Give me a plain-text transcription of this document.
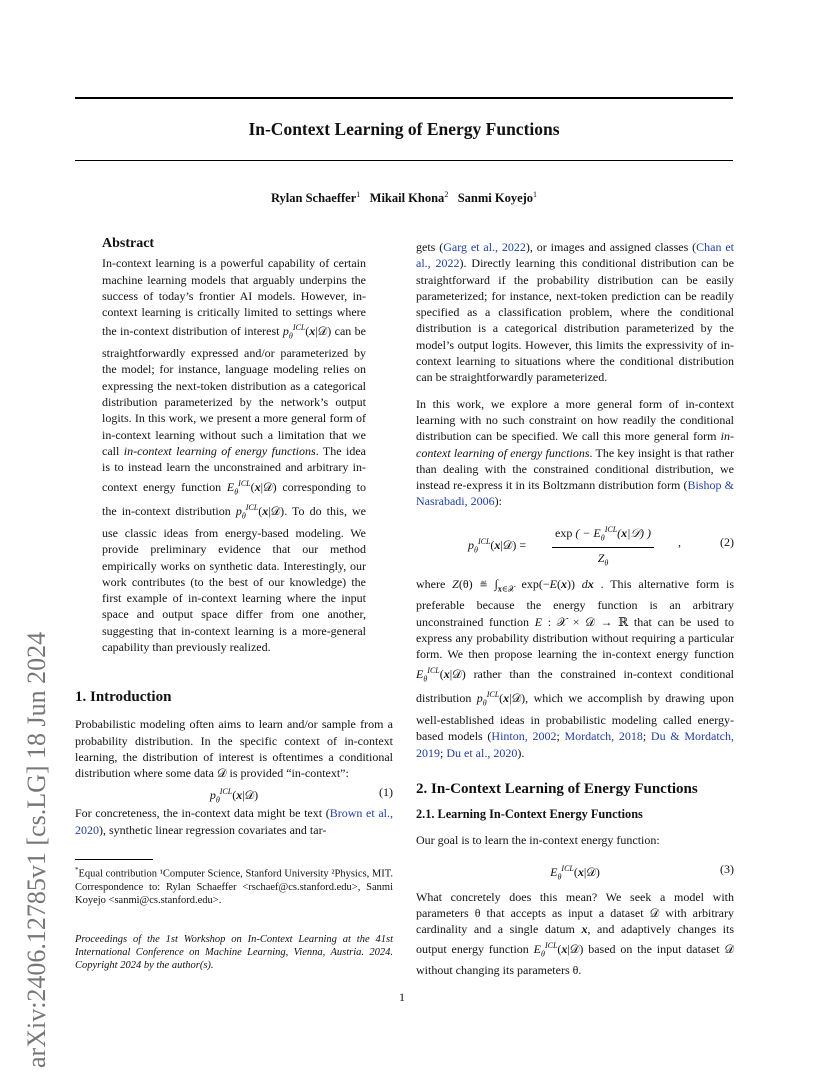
In-Context Learning of Energy Functions
Rylan Schaeffer$^1$ Mikail Khona$^2$ Sanmi Koyejo$^1$
arXiv:2406.12785v1 [cs.LG] 18 Jun 2024

Abstract

In-context learning is a powerful capability of certain machine learning models that arguably underpins the success of today’s frontier AI models. However, in-context learning is critically limited to settings where the in-context distribution of interest $p_\theta^{ICL}(x|𝒟)$ can be straightforwardly expressed and/or parameterized by the model; for instance, language modeling relies on expressing the next-token distribution as a categorical distribution parameterized by the network’s output logits. In this work, we present a more general form of in-context learning without such a limitation that we call in-context learning of energy functions. The idea is to instead learn the unconstrained and arbitrary in-context energy function $E_\theta^{ICL}(x|𝒟)$ corresponding to the in-context distribution $p_\theta^{ICL}(x|𝒟)$. To do this, we use classic ideas from energy-based modeling. We provide preliminary evidence that our method empirically works on synthetic data. Interestingly, our work contributes (to the best of our knowledge) the first example of in-context learning where the input space and output space differ from one another, suggesting that in-context learning is a more-general capability than previously realized.

1. Introduction

Probabilistic modeling often aims to learn and/or sample from a probability distribution. In the specific context of in-context learning, the distribution of interest is oftentimes a conditional distribution where some data 𝒟 is provided “in-context”:

$p_\theta^{ICL}(x|𝒟)$	(1)

For concreteness, the in-context data might be text (Brown et al., 2020), synthetic linear regression covariates and tar-

*Equal contribution ¹Computer Science, Stanford University ²Physics, MIT. Correspondence to: Rylan Schaeffer <rschaef@cs.stanford.edu>, Sanmi Koyejo <sanmi@cs.stanford.edu>.

Proceedings of the 1st Workshop on In-Context Learning at the 41st International Conference on Machine Learning, Vienna, Austria. 2024. Copyright 2024 by the author(s).

gets (Garg et al., 2022), or images and assigned classes (Chan et al., 2022). Directly learning this conditional distribution can be straightforward if the probability distribution can be easily parameterized; for instance, next-token prediction can be readily specified as a classification problem, where the conditional distribution is a categorical distribution parameterized by the model’s output logits. However, this limits the expressivity of in-context learning to situations where the conditional distribution can be straightforwardly parameterized.

In this work, we explore a more general form of in-context learning with no such constraint on how readily the conditional distribution can be specified. We call this more general form in-context learning of energy functions. The key insight is that rather than dealing with the constrained conditional distribution, we instead re-express it in its Boltzmann distribution form (Bishop & Nasrabadi, 2006):

$p_\theta^{ICL}(x|𝒟)$ =
exp ( − $E_\theta^{ICL}(x|𝒟)$ )
$Z_\theta$
,	(2)

where Z(θ) ≝ $\int_{x\in 𝒳}$ exp(−E(x)) dx . This alternative form is preferable because the energy function is an arbitrary unconstrained function E : 𝒳 × 𝒟 → ℝ that can be used to express any probability distribution without requiring a particular form. We then propose learning the in-context energy function $E_\theta^{ICL}(x|𝒟)$ rather than the constrained in-context conditional distribution $p_\theta^{ICL}(x|𝒟)$, which we accomplish by drawing upon well-established ideas in probabilistic modeling called energy-based models (Hinton, 2002; Mordatch, 2018; Du & Mordatch, 2019; Du et al., 2020).

2. In-Context Learning of Energy Functions

2.1. Learning In-Context Energy Functions

Our goal is to learn the in-context energy function:

$E_\theta^{ICL}(x|𝒟)$	(3)

What concretely does this mean? We seek a model with parameters θ that accepts as input a dataset 𝒟 with arbitrary cardinality and a single datum x, and adaptively changes its output energy function $E_\theta^{ICL}(x|𝒟)$ based on the input dataset 𝒟 without changing its parameters θ.

1
